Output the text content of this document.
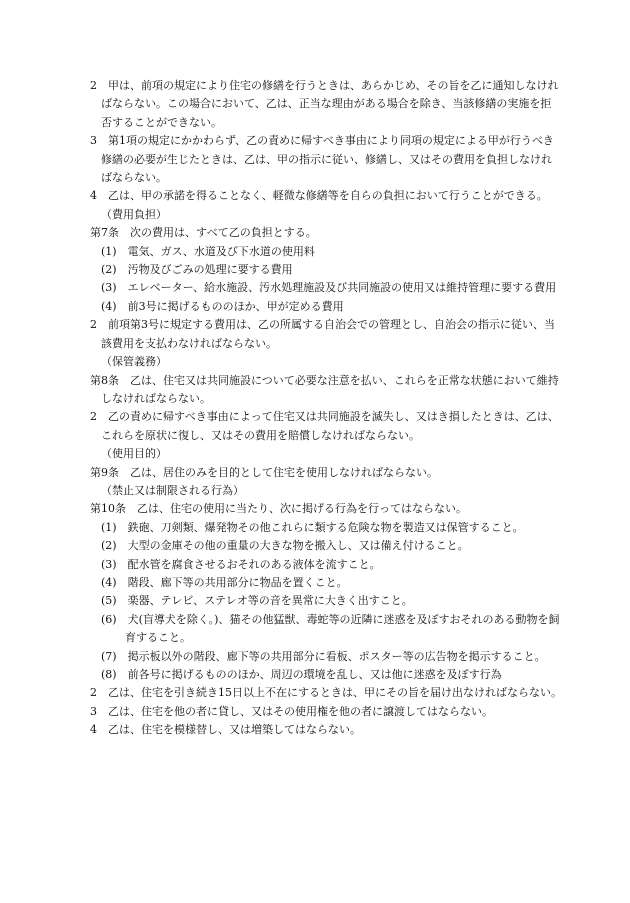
2　甲は、前項の規定により住宅の修繕を行うときは、あらかじめ、その旨を乙に通知しなければならない。この場合において、乙は、正当な理由がある場合を除き、当該修繕の実施を拒否することができない。

3　第1項の規定にかかわらず、乙の責めに帰すべき事由により同項の規定による甲が行うべき修繕の必要が生じたときは、乙は、甲の指示に従い、修繕し、又はその費用を負担しなければならない。

4　乙は、甲の承諾を得ることなく、軽微な修繕等を自らの負担において行うことができる。

（費用負担）

第7条　次の費用は、すべて乙の負担とする。

(1)　電気、ガス、水道及び下水道の使用料

(2)　汚物及びごみの処理に要する費用

(3)　エレベーター、給水施設、汚水処理施設及び共同施設の使用又は維持管理に要する費用

(4)　前3号に掲げるもののほか、甲が定める費用

2　前項第3号に規定する費用は、乙の所属する自治会での管理とし、自治会の指示に従い、当該費用を支払わなければならない。

（保管義務）

第8条　乙は、住宅又は共同施設について必要な注意を払い、これらを正常な状態において維持しなければならない。

2　乙の責めに帰すべき事由によって住宅又は共同施設を滅失し、又はき損したときは、乙は、これらを原状に復し、又はその費用を賠償しなければならない。

（使用目的）

第9条　乙は、居住のみを目的として住宅を使用しなければならない。

（禁止又は制限される行為）

第10条　乙は、住宅の使用に当たり、次に掲げる行為を行ってはならない。

(1)　鉄砲、刀剣類、爆発物その他これらに類する危険な物を製造又は保管すること。

(2)　大型の金庫その他の重量の大きな物を搬入し、又は備え付けること。

(3)　配水管を腐食させるおそれのある液体を流すこと。

(4)　階段、廊下等の共用部分に物品を置くこと。

(5)　楽器、テレビ、ステレオ等の音を異常に大きく出すこと。

(6)　犬(盲導犬を除く。)、猫その他猛獣、毒蛇等の近隣に迷惑を及ぼすおそれのある動物を飼育すること。

(7)　掲示板以外の階段、廊下等の共用部分に看板、ポスター等の広告物を掲示すること。

(8)　前各号に掲げるもののほか、周辺の環境を乱し、又は他に迷惑を及ぼす行為

2　乙は、住宅を引き続き15日以上不在にするときは、甲にその旨を届け出なければならない。

3　乙は、住宅を他の者に貸し、又はその使用権を他の者に譲渡してはならない。

4　乙は、住宅を模様替し、又は増築してはならない。
